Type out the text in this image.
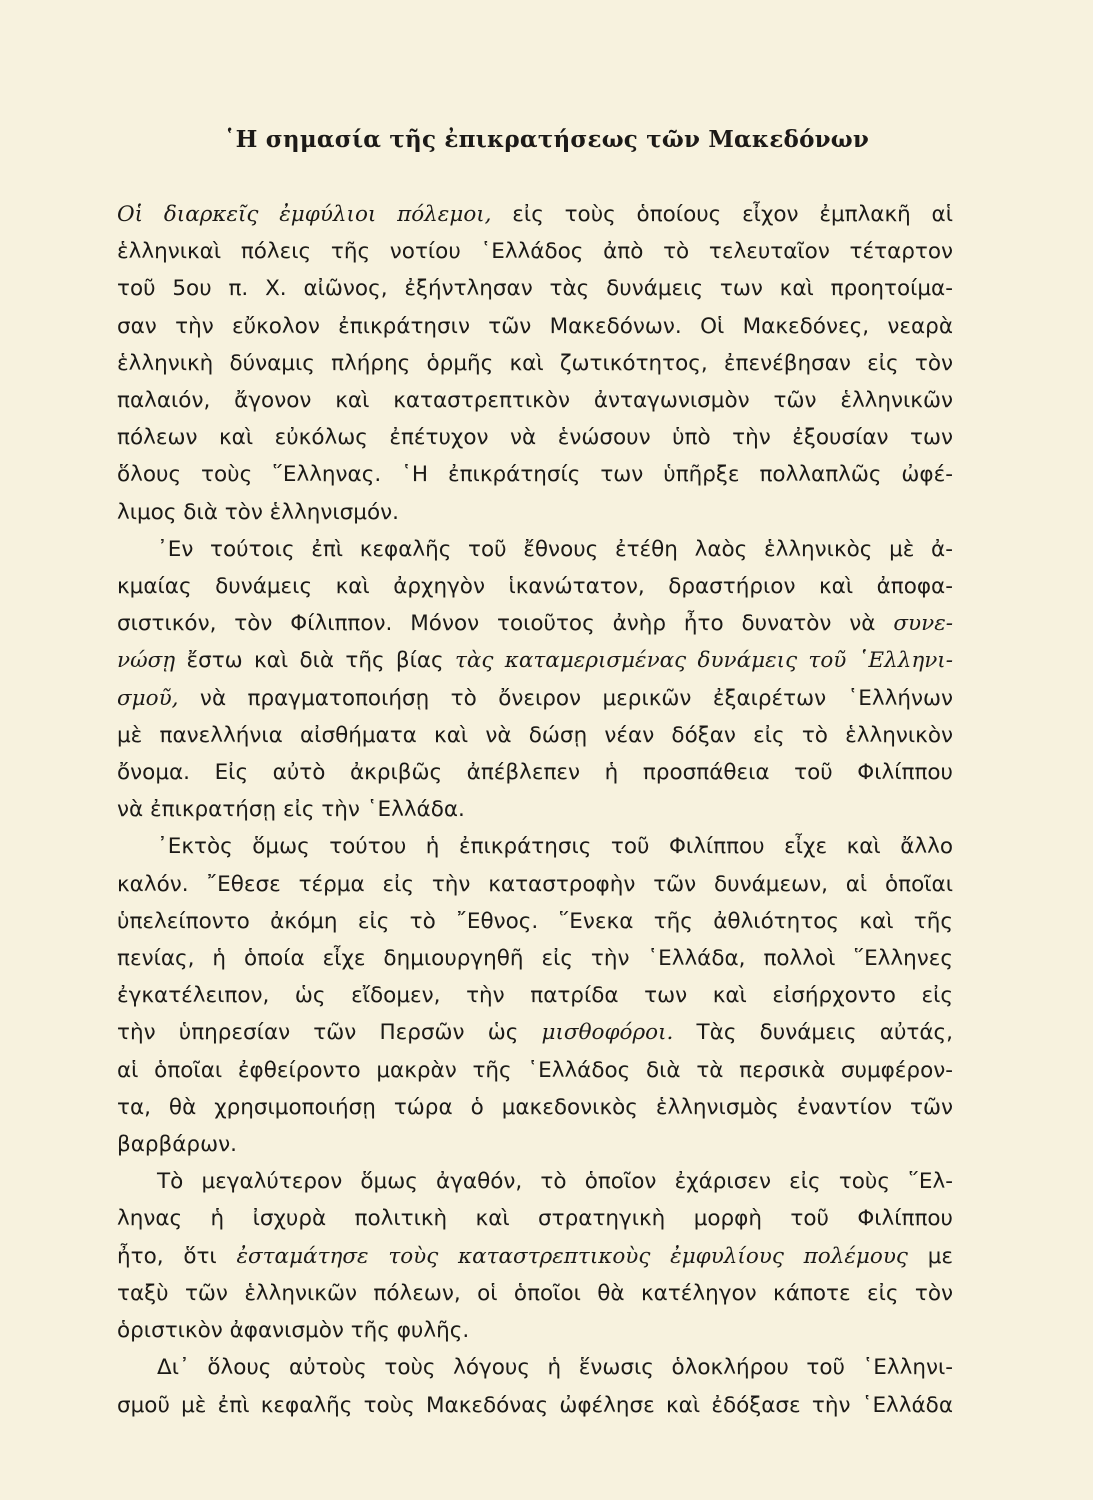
῾Η σημασία τῆς ἐπικρατήσεως τῶν Μακεδόνων
Οἱ διαρκεῖς ἐμφύλιοι πόλεμοι, εἰς τοὺς ὁποίους εἶχον ἐμπλακῆ αἱ
ἑλληνικαὶ πόλεις τῆς νοτίου ῾Ελλάδος ἀπὸ τὸ τελευταῖον τέταρτον
τοῦ 5ου π. Χ. αἰῶνος, ἐξήντλησαν τὰς δυνάμεις των καὶ προητοίμα-
σαν τὴν εὔκολον ἐπικράτησιν τῶν Μακεδόνων. Οἱ Μακεδόνες, νεαρὰ
ἑλληνικὴ δύναμις πλήρης ὁρμῆς καὶ ζωτικότητος, ἐπενέβησαν εἰς τὸν
παλαιόν, ἄγονον καὶ καταστρεπτικὸν ἀνταγωνισμὸν τῶν ἑλληνικῶν
πόλεων καὶ εὐκόλως ἐπέτυχον νὰ ἑνώσουν ὑπὸ τὴν ἐξουσίαν των
ὅλους τοὺς ῞Ελληνας. ῾Η ἐπικράτησίς των ὑπῆρξε πολλαπλῶς ὠφέ-
λιμος διὰ τὸν ἑλληνισμόν.
᾿Εν τούτοις ἐπὶ κεφαλῆς τοῦ ἔθνους ἐτέθη λαὸς ἑλληνικὸς μὲ ἀ-
κμαίας δυνάμεις καὶ ἀρχηγὸν ἱκανώτατον, δραστήριον καὶ ἀποφα-
σιστικόν, τὸν Φίλιππον. Μόνον τοιοῦτος ἀνὴρ ἦτο δυνατὸν νὰ συνε-
νώσῃ ἔστω καὶ διὰ τῆς βίας τὰς καταμερισμένας δυνάμεις τοῦ ῾Ελληνι-
σμοῦ, νὰ πραγματοποιήσῃ τὸ ὄνειρον μερικῶν ἐξαιρέτων ῾Ελλήνων
μὲ πανελλήνια αἰσθήματα καὶ νὰ δώσῃ νέαν δόξαν εἰς τὸ ἑλληνικὸν
ὄνομα. Εἰς αὐτὸ ἀκριβῶς ἀπέβλεπεν ἡ προσπάθεια τοῦ Φιλίππου
νὰ ἐπικρατήσῃ εἰς τὴν ῾Ελλάδα.
᾿Εκτὸς ὅμως τούτου ἡ ἐπικράτησις τοῦ Φιλίππου εἶχε καὶ ἄλλο
καλόν. ῎Εθεσε τέρμα εἰς τὴν καταστροφὴν τῶν δυνάμεων, αἱ ὁποῖαι
ὑπελείποντο ἀκόμη εἰς τὸ ῎Εθνος. ῞Ενεκα τῆς ἀθλιότητος καὶ τῆς
πενίας, ἡ ὁποία εἶχε δημιουργηθῆ εἰς τὴν ῾Ελλάδα, πολλοὶ ῞Ελληνες
ἐγκατέλειπον, ὡς εἴδομεν, τὴν πατρίδα των καὶ εἰσήρχοντο εἰς
τὴν ὑπηρεσίαν τῶν Περσῶν ὡς μισθοφόροι. Τὰς δυνάμεις αὐτάς,
αἱ ὁποῖαι ἐφθείροντο μακρὰν τῆς ῾Ελλάδος διὰ τὰ περσικὰ συμφέρον-
τα, θὰ χρησιμοποιήσῃ τώρα ὁ μακεδονικὸς ἑλληνισμὸς ἐναντίον τῶν
βαρβάρων.
Τὸ μεγαλύτερον ὅμως ἀγαθόν, τὸ ὁποῖον ἐχάρισεν εἰς τοὺς ῞Ελ-
ληνας ἡ ἰσχυρὰ πολιτικὴ καὶ στρατηγικὴ μορφὴ τοῦ Φιλίππου
ἦτο, ὅτι ἐσταμάτησε τοὺς καταστρεπτικοὺς ἐμφυλίους πολέμους με
ταξὺ τῶν ἑλληνικῶν πόλεων, οἱ ὁποῖοι θὰ κατέληγον κάποτε εἰς τὸν
ὁριστικὸν ἀφανισμὸν τῆς φυλῆς.
Δι᾿ ὅλους αὐτοὺς τοὺς λόγους ἡ ἕνωσις ὁλοκλήρου τοῦ ῾Ελληνι-
σμοῦ μὲ ἐπὶ κεφαλῆς τοὺς Μακεδόνας ὠφέλησε καὶ ἐδόξασε τὴν ῾Ελλάδα
